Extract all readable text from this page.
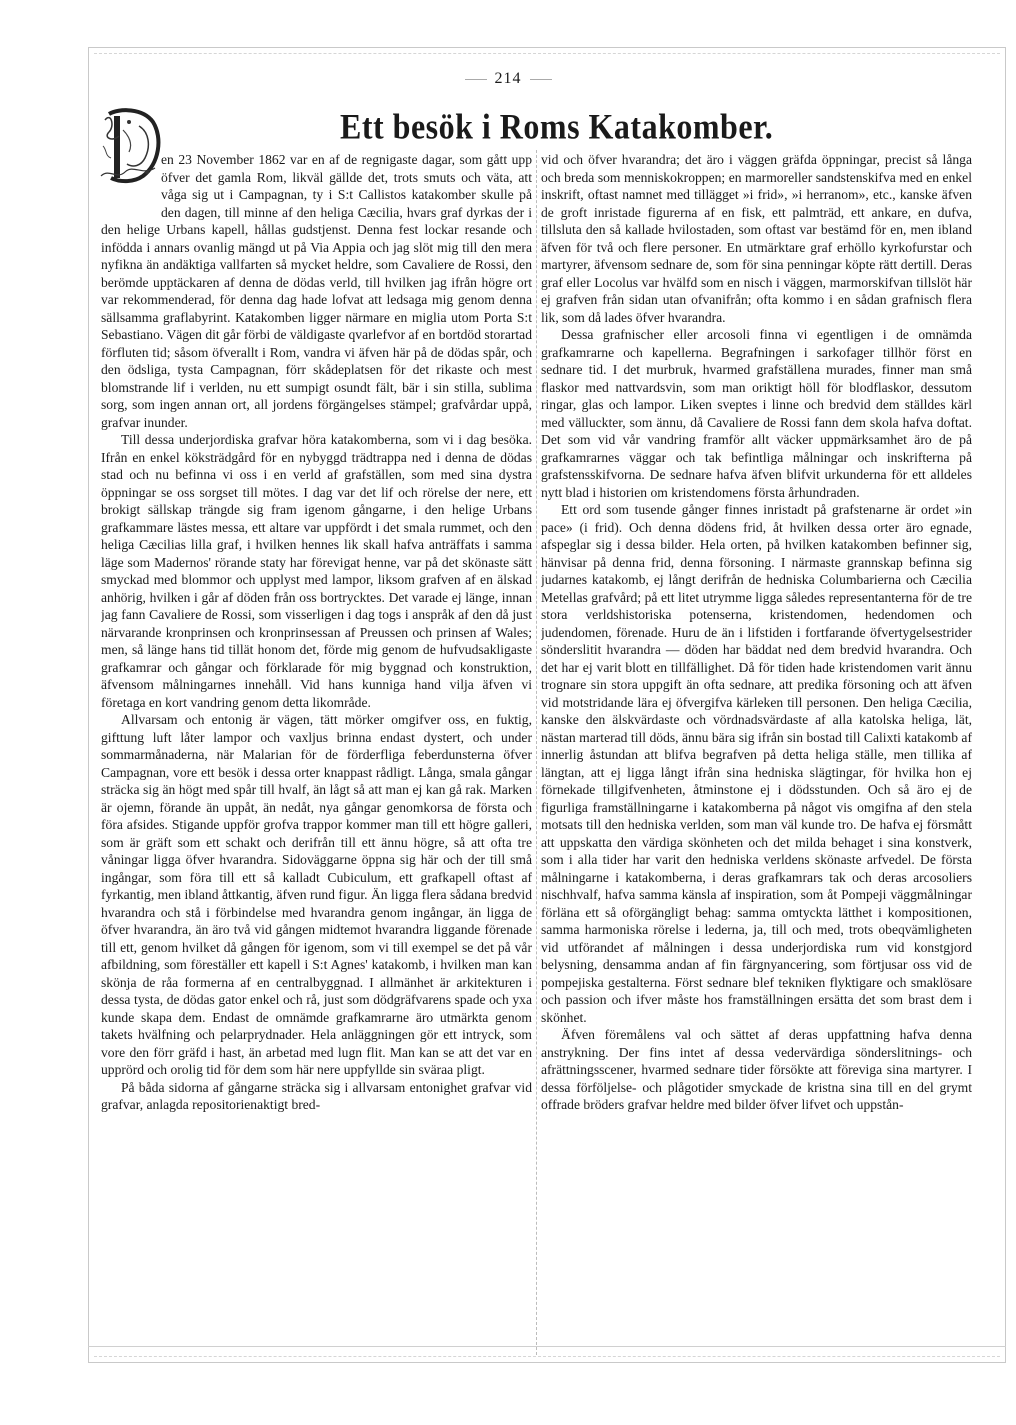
214
Ett besök i Roms Katakomber.

en 23 November 1862 var en af de regnigaste dagar, som gått upp öfver det gamla Rom, likväl gällde det, trots smuts och väta, att våga sig ut i Campagnan, ty i S:t Callistos katakomber skulle på den dagen, till minne af den heliga Cæcilia, hvars graf dyrkas der i den helige Urbans kapell, hållas gudstjenst. Denna fest lockar resande och infödda i annars ovanlig mängd ut på Via Appia och jag slöt mig till den mera nyfikna än andäktiga vallfarten så mycket heldre, som Cavaliere de Rossi, den berömde upptäckaren af denna de dödas verld, till hvilken jag ifrån högre ort var rekommenderad, för denna dag hade lofvat att ledsaga mig genom denna sällsamma graflabyrint. Katakomben ligger närmare en miglia utom Porta S:t Sebastiano. Vägen dit går förbi de väldigaste qvarlefvor af en bortdöd storartad förfluten tid; såsom öfverallt i Rom, vandra vi äfven här på de dödas spår, och den ödsliga, tysta Campagnan, förr skådeplatsen för det rikaste och mest blomstrande lif i verlden, nu ett sumpigt osundt fält, bär i sin stilla, sublima sorg, som ingen annan ort, all jordens förgängelses stämpel; grafvårdar uppå, grafvar inunder.

Till dessa underjordiska grafvar höra katakomberna, som vi i dag besöka. Ifrån en enkel köksträdgård för en nybyggd trädtrappa ned i denna de dödas stad och nu befinna vi oss i en verld af grafställen, som med sina dystra öppningar se oss sorgset till mötes. I dag var det lif och rörelse der nere, ett brokigt sällskap trängde sig fram igenom gångarne, i den helige Urbans grafkammare lästes messa, ett altare var uppfördt i det smala rummet, och den heliga Cæcilias lilla graf, i hvilken hennes lik skall hafva anträffats i samma läge som Madernos' rörande staty har förevigat henne, var på det skönaste sätt smyckad med blommor och upplyst med lampor, liksom grafven af en älskad anhörig, hvilken i går af döden från oss bortrycktes. Det varade ej länge, innan jag fann Cavaliere de Rossi, som visserligen i dag togs i anspråk af den då just närvarande kronprinsen och kronprinsessan af Preussen och prinsen af Wales; men, så länge hans tid tillät honom det, förde mig genom de hufvudsakligaste grafkamrar och gångar och förklarade för mig byggnad och konstruktion, äfvensom målningarnes innehåll. Vid hans kunniga hand vilja äfven vi företaga en kort vandring genom detta likområde.

Allvarsam och entonig är vägen, tätt mörker omgifver oss, en fuktig, gifttung luft låter lampor och vaxljus brinna endast dystert, och under sommarmånaderna, när Malarian för de förderfliga feberdunsterna öfver Campagnan, vore ett besök i dessa orter knappast rådligt. Långa, smala gångar sträcka sig än högt med spår till hvalf, än lågt så att man ej kan gå rak. Marken är ojemn, förande än uppåt, än nedåt, nya gångar genomkorsa de första och föra afsides. Stigande uppför grofva trappor kommer man till ett högre galleri, som är gräft som ett schakt och derifrån till ett ännu högre, så att ofta tre våningar ligga öfver hvarandra. Sidoväggarne öppna sig här och der till små ingångar, som föra till ett så kalladt Cubiculum, ett grafkapell oftast af fyrkantig, men ibland åttkantig, äfven rund figur. Än ligga flera sådana bredvid hvarandra och stå i förbindelse med hvarandra genom ingångar, än ligga de öfver hvarandra, än äro två vid gången midtemot hvarandra liggande förenade till ett, genom hvilket då gången för igenom, som vi till exempel se det på vår afbildning, som föreställer ett kapell i S:t Agnes' katakomb, i hvilken man kan skönja de råa formerna af en centralbyggnad. I allmänhet är arkitekturen i dessa tysta, de dödas gator enkel och rå, just som dödgräfvarens spade och yxa kunde skapa dem. Endast de omnämde grafkamrarne äro utmärkta genom takets hvälfning och pelarprydnader. Hela anläggningen gör ett intryck, som vore den förr gräfd i hast, än arbetad med lugn flit. Man kan se att det var en upprörd och orolig tid för dem som här nere uppfyllde sin sväraa pligt.

På båda sidorna af gångarne sträcka sig i allvarsam entonighet grafvar vid grafvar, anlagda repositorienaktigt bred-

vid och öfver hvarandra; det äro i väggen gräfda öppningar, precist så långa och breda som menniskokroppen; en marmoreller sandstenskifva med en enkel inskrift, oftast namnet med tillägget »i frid», »i herranom», etc., kanske äfven de groft inristade figurerna af en fisk, ett palmträd, ett ankare, en dufva, tillsluta den så kallade hvilostaden, som oftast var bestämd för en, men ibland äfven för två och flere personer. En utmärktare graf erhöllo kyrkofurstar och martyrer, äfvensom sednare de, som för sina penningar köpte rätt dertill. Deras graf eller Locolus var hvälfd som en nisch i väggen, marmorskifvan tillslöt här ej grafven från sidan utan ofvanifrån; ofta kommo i en sådan grafnisch flera lik, som då lades öfver hvarandra.

Dessa grafnischer eller arcosoli finna vi egentligen i de omnämda grafkamrarne och kapellerna. Begrafningen i sarkofager tillhör först en sednare tid. I det murbruk, hvarmed grafställena murades, finner man små flaskor med nattvardsvin, som man oriktigt höll för blodflaskor, dessutom ringar, glas och lampor. Liken sveptes i linne och bredvid dem ställdes kärl med välluckter, som ännu, då Cavaliere de Rossi fann dem skola hafva doftat. Det som vid vår vandring framför allt väcker uppmärksamhet äro de på grafkamrarnes väggar och tak befintliga målningar och inskrifterna på grafstensskifvorna. De sednare hafva äfven blifvit urkunderna för ett alldeles nytt blad i historien om kristendomens första århundraden.

Ett ord som tusende gånger finnes inristadt på grafstenarne är ordet »in pace» (i frid). Och denna dödens frid, åt hvilken dessa orter äro egnade, afspeglar sig i dessa bilder. Hela orten, på hvilken katakomben befinner sig, hänvisar på denna frid, denna försoning. I närmaste grannskap befinna sig judarnes katakomb, ej långt derifrån de hedniska Columbarierna och Cæcilia Metellas grafvård; på ett litet utrymme ligga således representanterna för de tre stora verldshistoriska potenserna, kristendomen, hedendomen och judendomen, förenade. Huru de än i lifstiden i fortfarande öfvertygelsestrider sönderslitit hvarandra — döden har bäddat ned dem bredvid hvarandra. Och det har ej varit blott en tillfällighet. Då för tiden hade kristendomen varit ännu trognare sin stora uppgift än ofta sednare, att predika försoning och att äfven vid motstridande lära ej öfvergifva kärleken till personen. Den heliga Cæcilia, kanske den älskvärdaste och vördnadsvärdaste af alla katolska heliga, lät, nästan marterad till döds, ännu bära sig ifrån sin bostad till Calixti katakomb af innerlig åstundan att blifva begrafven på detta heliga ställe, men tillika af längtan, att ej ligga långt ifrån sina hedniska slägtingar, för hvilka hon ej förnekade tillgifvenheten, åtminstone ej i dödsstunden. Och så äro ej de figurliga framställningarne i katakomberna på något vis omgifna af den stela motsats till den hedniska verlden, som man väl kunde tro. De hafva ej försmått att uppskatta den värdiga skönheten och det milda behaget i sina konstverk, som i alla tider har varit den hedniska verldens skönaste arfvedel. De första målningarne i katakomberna, i deras grafkamrars tak och deras arcosoliers nischhvalf, hafva samma känsla af inspiration, som åt Pompeji väggmålningar förläna ett så oförgängligt behag: samma omtyckta lätthet i kompositionen, samma harmoniska rörelse i lederna, ja, till och med, trots obeqvämligheten vid utförandet af målningen i dessa underjordiska rum vid konstgjord belysning, densamma andan af fin färgnyancering, som förtjusar oss vid de pompejiska gestalterna. Först sednare blef tekniken flyktigare och smaklösare och passion och ifver måste hos framställningen ersätta det som brast dem i skönhet.

Äfven föremålens val och sättet af deras uppfattning hafva denna anstrykning. Der fins intet af dessa vedervärdiga sönderslitnings- och afrättningsscener, hvarmed sednare tider försökte att föreviga sina martyrer. I dessa förföljelse- och plågotider smyckade de kristna sina till en del grymt offrade bröders grafvar heldre med bilder öfver lifvet och uppstån-
